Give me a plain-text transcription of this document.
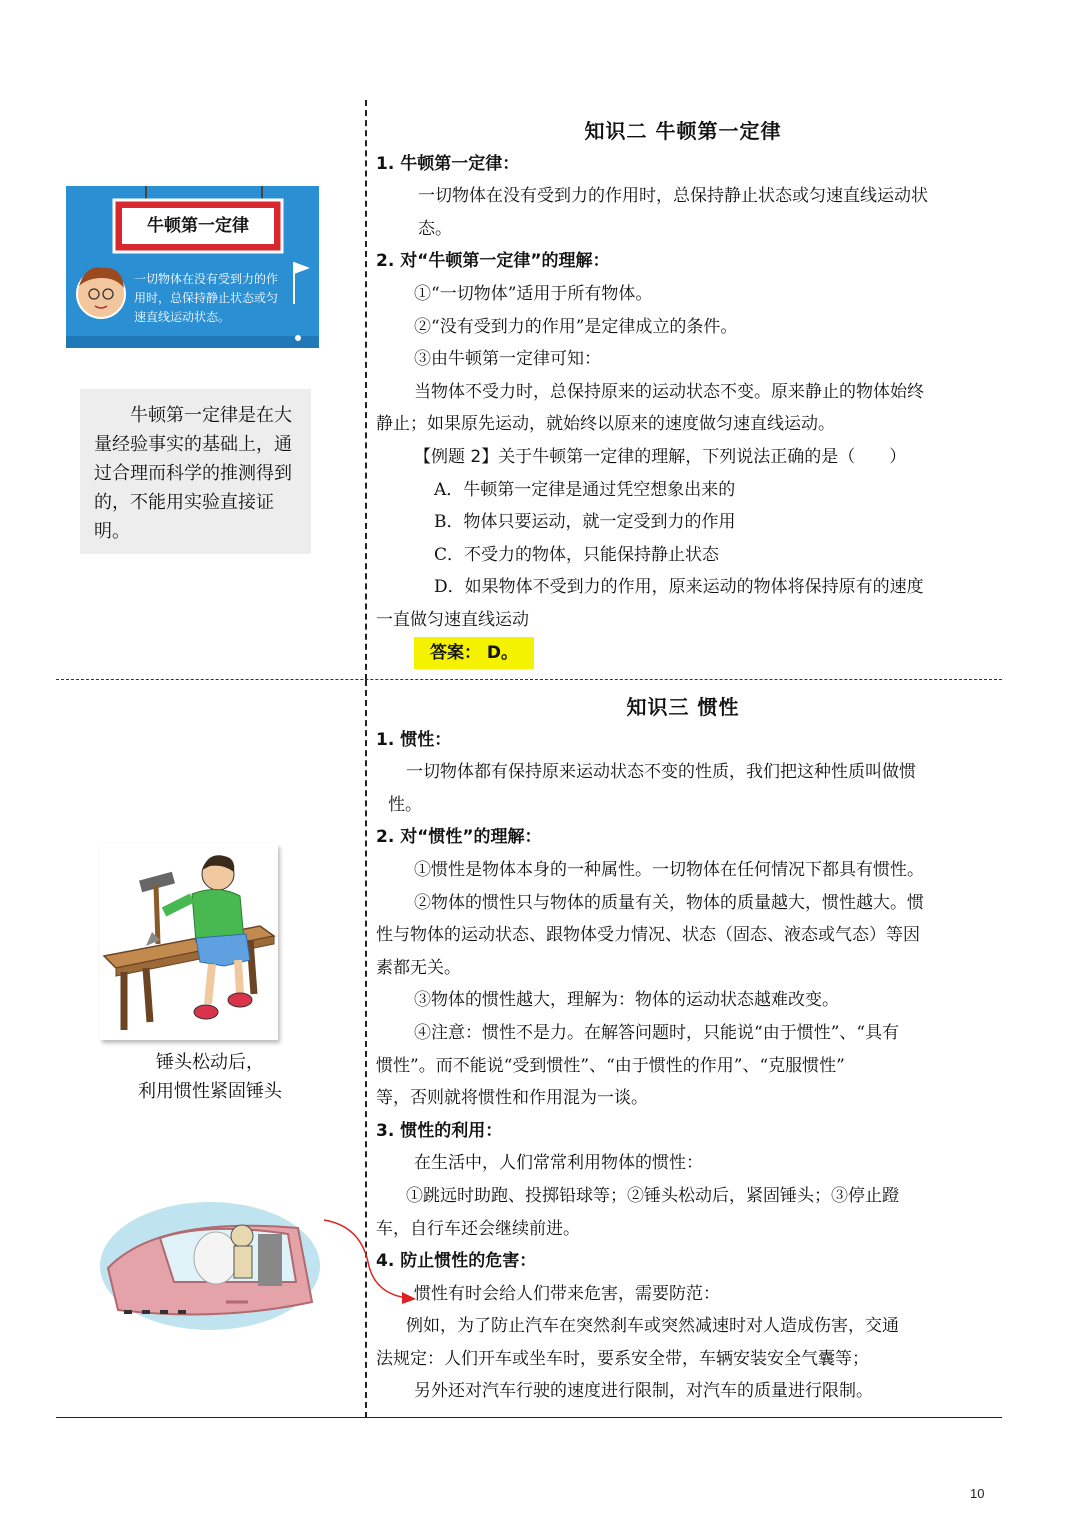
牛顿第一定律
一切物体在没有受到力的作用时，总保持静止状态或匀速直线运动状态。
牛顿第一定律是在大量经验事实的基础上，通过合理而科学的推测得到的，不能用实验直接证明。
锤头松动后，
利用惯性紧固锤头

知识二 牛顿第一定律

1. 牛顿第一定律：

一切物体在没有受到力的作用时，总保持静止状态或匀速直线运动状

态。

2. 对“牛顿第一定律”的理解：

①“一切物体”适用于所有物体。

②“没有受到力的作用”是定律成立的条件。

③由牛顿第一定律可知：

当物体不受力时，总保持原来的运动状态不变。原来静止的物体始终

静止；如果原先运动，就始终以原来的速度做匀速直线运动。

【例题 2】关于牛顿第一定律的理解，下列说法正确的是（　　）

A．牛顿第一定律是通过凭空想象出来的

B．物体只要运动，就一定受到力的作用

C．不受力的物体，只能保持静止状态

D．如果物体不受到力的作用，原来运动的物体将保持原有的速度

一直做匀速直线运动

答案： D。

知识三 惯性

1. 惯性：

一切物体都有保持原来运动状态不变的性质，我们把这种性质叫做惯

性。

2. 对“惯性”的理解：

①惯性是物体本身的一种属性。一切物体在任何情况下都具有惯性。

②物体的惯性只与物体的质量有关，物体的质量越大，惯性越大。惯

性与物体的运动状态、跟物体受力情况、状态（固态、液态或气态）等因

素都无关。

③物体的惯性越大，理解为：物体的运动状态越难改变。

④注意：惯性不是力。在解答问题时，只能说“由于惯性”、“具有

惯性”。而不能说“受到惯性”、“由于惯性的作用”、“克服惯性”

等，否则就将惯性和作用混为一谈。

3. 惯性的利用：

在生活中，人们常常利用物体的惯性：

①跳远时助跑、投掷铅球等；②锤头松动后，紧固锤头；③停止蹬

车，自行车还会继续前进。

4. 防止惯性的危害：

惯性有时会给人们带来危害，需要防范：

例如，为了防止汽车在突然刹车或突然减速时对人造成伤害，交通

法规定：人们开车或坐车时，要系安全带，车辆安装安全气囊等；

另外还对汽车行驶的速度进行限制，对汽车的质量进行限制。

10
